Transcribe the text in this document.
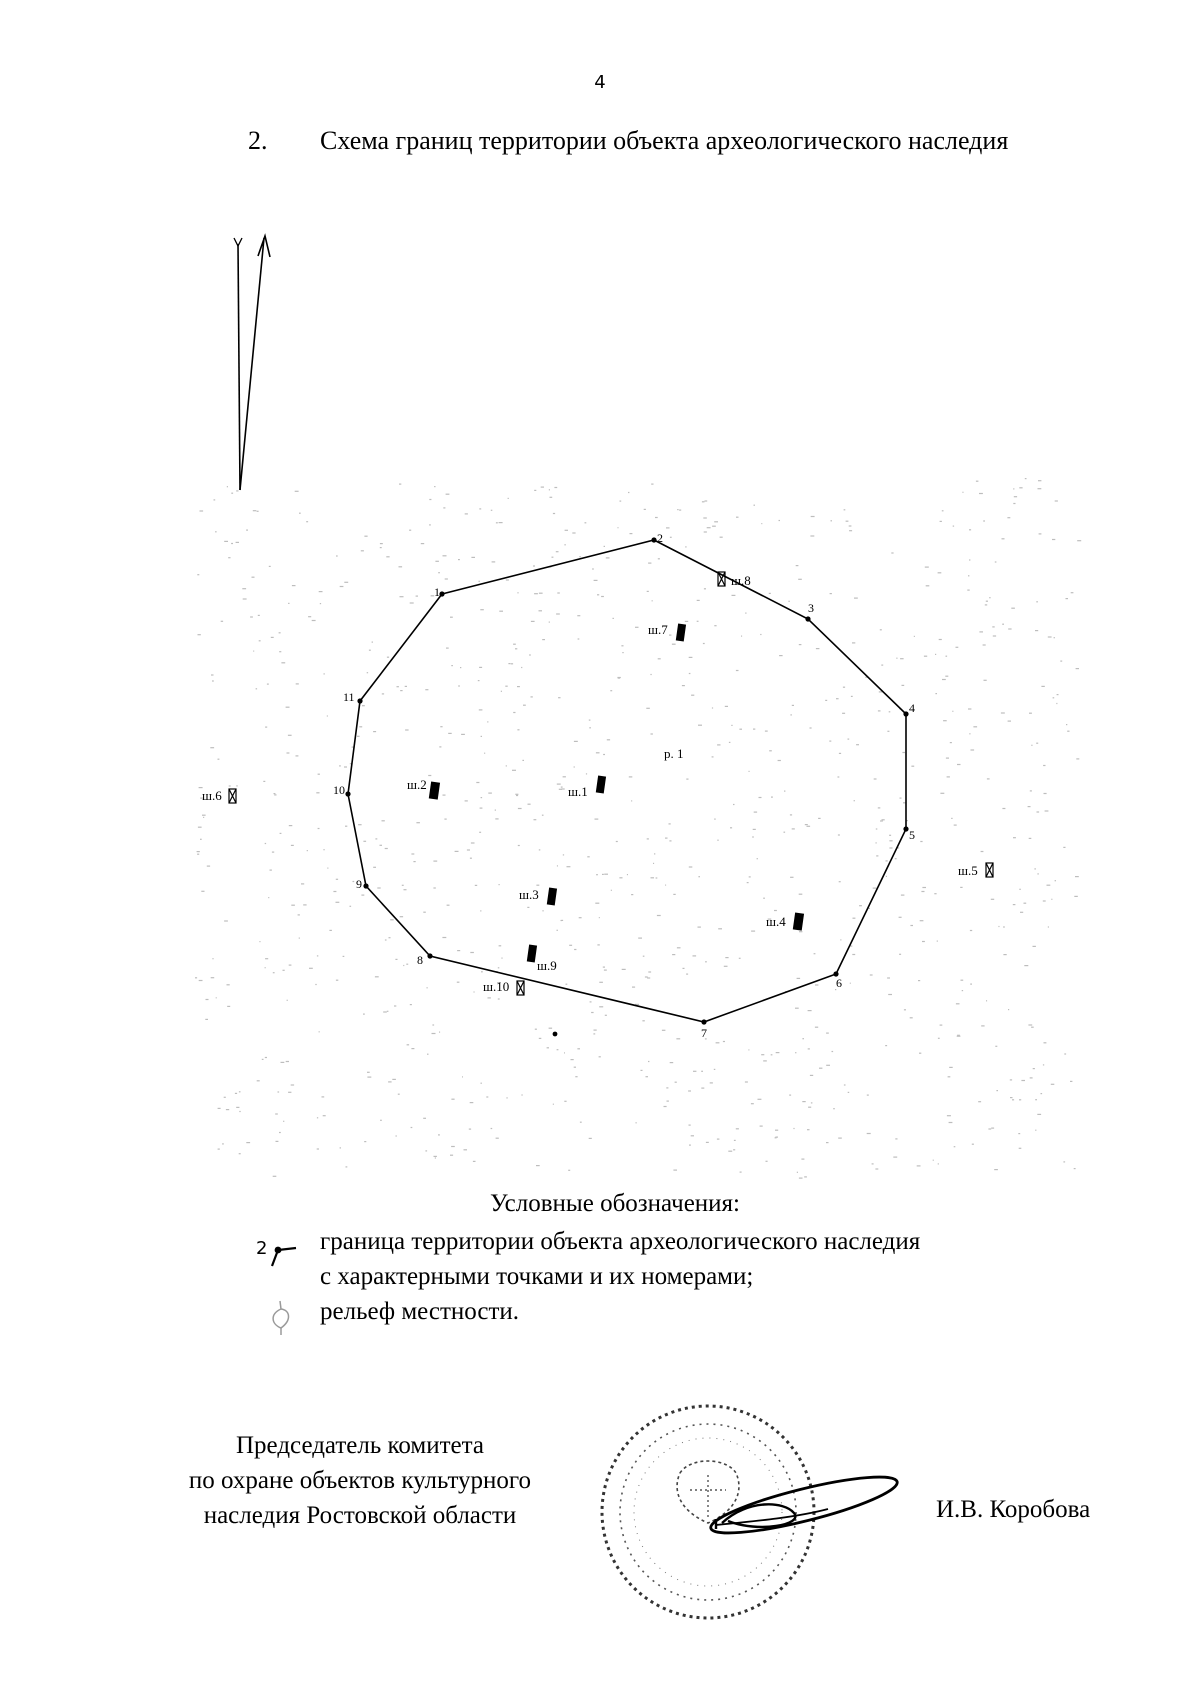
4
2. Схема границ территории объекта археологического наследия
1
2
3
4
5
6
7
8
9
10
11
ш.1
ш.2
ш.3
ш.4
ш.5
ш.6
ш.7
ш.8
ш.9
ш.10
р. 1
Условные обозначения:
2 граница территории объекта археологического наследия
с характерными точками и их номерами;
рельеф местности.
Председатель комитета
по охране объектов культурного
наследия Ростовской области	И.В. Коробова
